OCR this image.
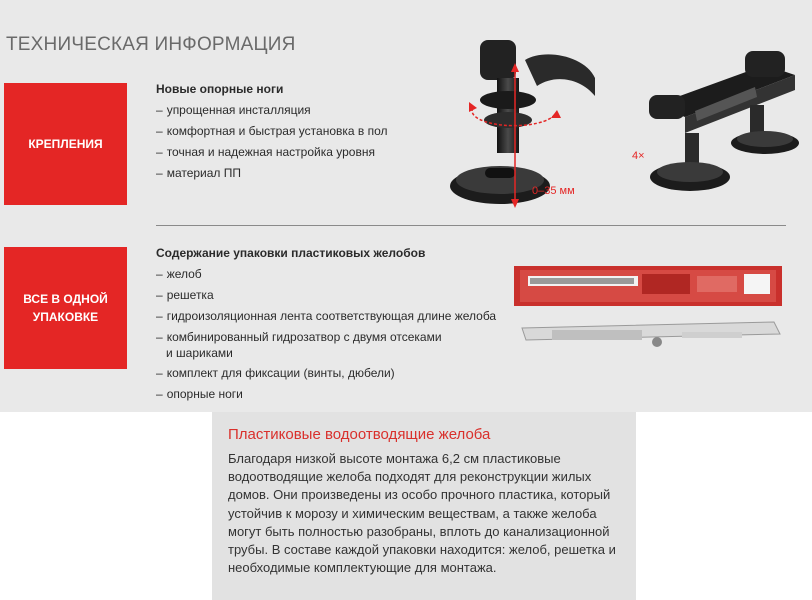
ТЕХНИЧЕСКАЯ ИНФОРМАЦИЯ
КРЕПЛЕНИЯ
Новые опорные ноги
– упрощенная инсталляция
– комфортная и быстрая установка в пол
– точная и надежная настройка уровня
– материал ПП
ВСЕ В ОДНОЙ УПАКОВКЕ
Содержание упаковки пластиковых желобов
– желоб
– решетка
– гидроизоляционная лента соответствующая длине желоба
– комбинированный гидрозатвор с двумя отсеками
и шариками
– комплект для фиксации (винты, дюбели)
– опорные ноги
0–35 мм
4×
Пластиковые водоотводящие желоба

Благодаря низкой высоте монтажа 6,2 см пластиковые водоотводящие желоба подходят для реконструкции жилых домов. Они произведены из особо прочного пластика, который устойчив к морозу и химическим веществам, а также желоба могут быть полностью разобраны, вплоть до канализационной трубы. В составе каждой упаковки находится: желоб, решетка и необходимые комплектующие для монтажа.
